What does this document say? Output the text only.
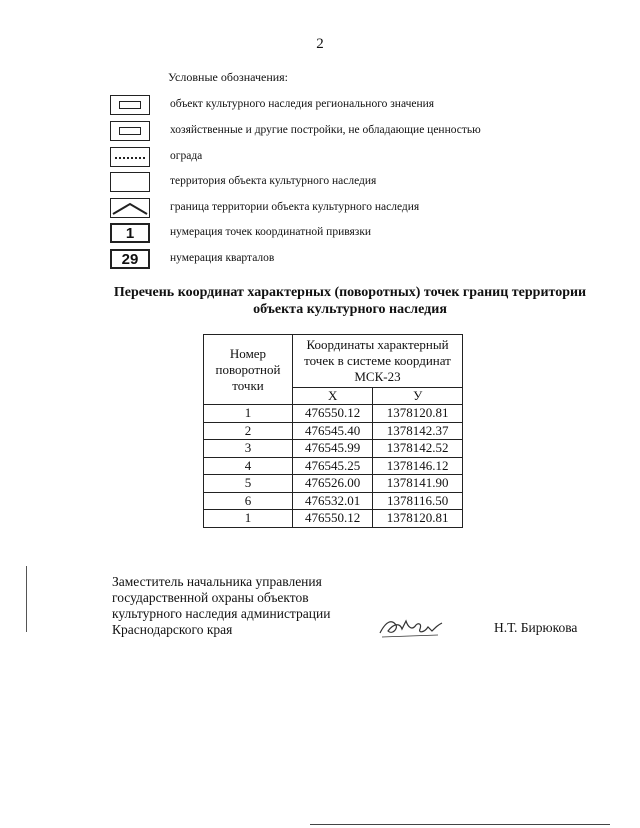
2
Условные обозначения:
объект культурного наследия регионального значения
хозяйственные и другие постройки, не обладающие ценностью
ограда
территория объекта культурного наследия
граница территории объекта культурного наследия
1	нумерация точек координатной привязки
29	нумерация кварталов
Перечень координат характерных (поворотных) точек границ территории
объекта культурного наследия
Номер поворотной точки	Координаты характерный точек в системе координат МСК-23	
	X	У
1	476550.12	1378120.81
2	476545.40	1378142.37
3	476545.99	1378142.52
4	476545.25	1378146.12
5	476526.00	1378141.90
6	476532.01	1378116.50
1	476550.12	1378120.81
Заместитель начальника управления
государственной охраны объектов
культурного наследия администрации
Краснодарского края	Н.Т. Бирюкова
